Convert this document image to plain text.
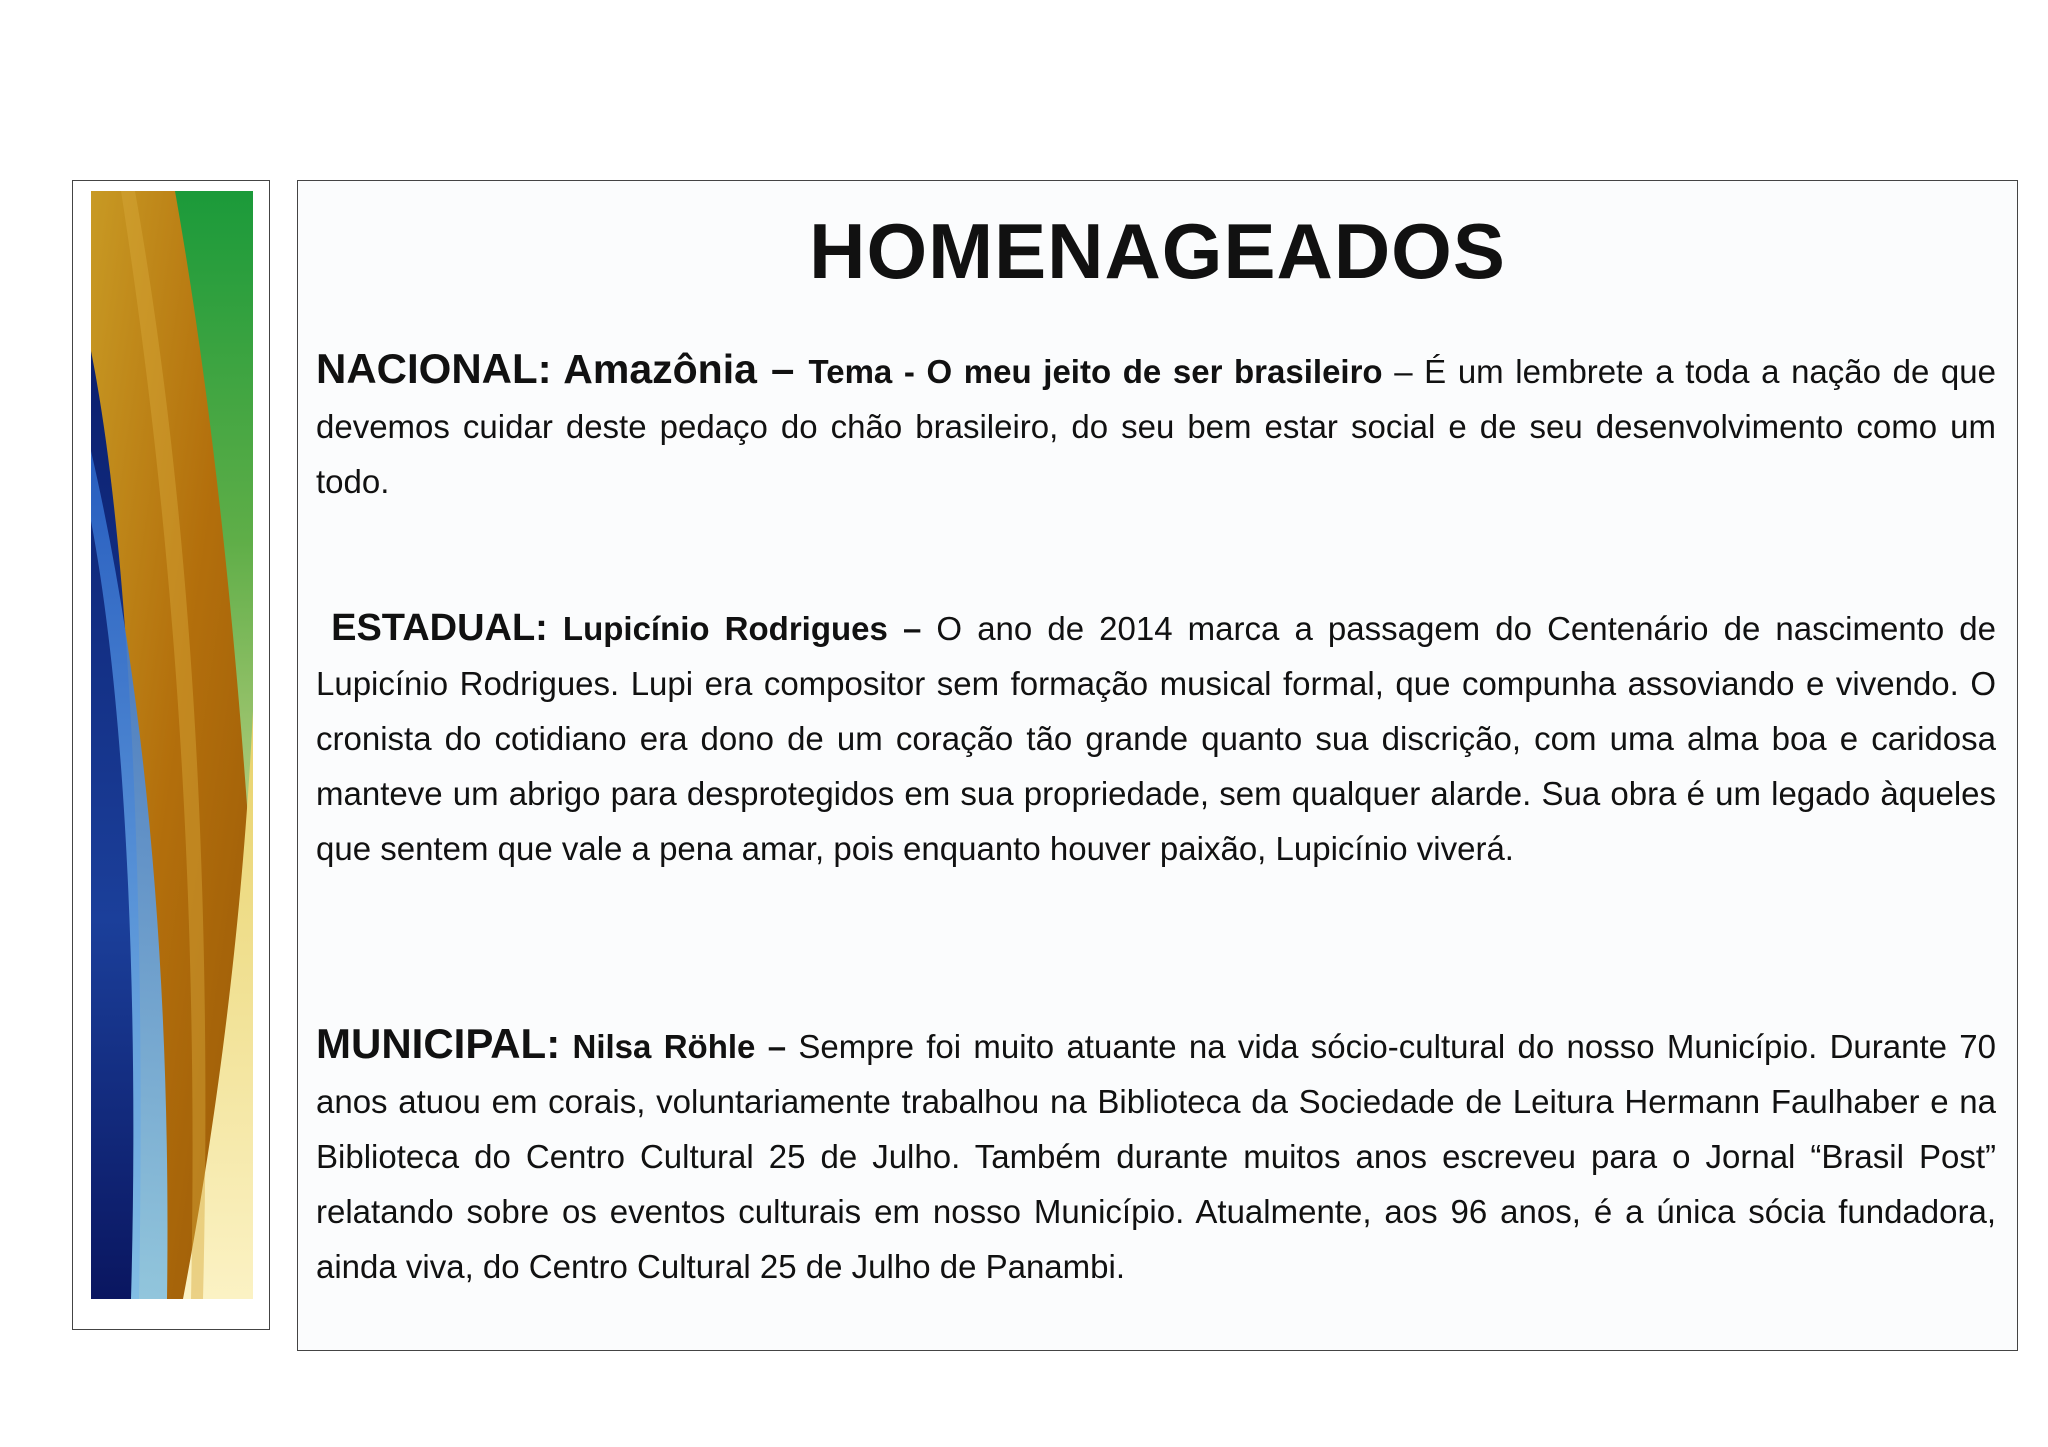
HOMENAGEADOS

NACIONAL: Amazônia – Tema - O meu jeito de ser brasileiro – É um lembrete a toda a nação de que devemos cuidar deste pedaço do chão brasileiro, do seu bem estar social e de seu desenvolvimento como um todo.

ESTADUAL: Lupicínio Rodrigues – O ano de 2014 marca a passagem do Centenário de nascimento de Lupicínio Rodrigues. Lupi era compositor sem formação musical formal, que compunha assoviando e vivendo. O cronista do cotidiano era dono de um coração tão grande quanto sua discrição, com uma alma boa e caridosa manteve um abrigo para desprotegidos em sua propriedade, sem qualquer alarde. Sua obra é um legado àqueles que sentem que vale a pena amar, pois enquanto houver paixão, Lupicínio viverá.

MUNICIPAL: Nilsa Röhle – Sempre foi muito atuante na vida sócio-cultural do nosso Município. Durante 70 anos atuou em corais, voluntariamente trabalhou na Biblioteca da Sociedade de Leitura Hermann Faulhaber e na Biblioteca do Centro Cultural 25 de Julho. Também durante muitos anos escreveu para o Jornal “Brasil Post” relatando sobre os eventos culturais em nosso Município. Atualmente, aos 96 anos, é a única sócia fundadora, ainda viva, do Centro Cultural 25 de Julho de Panambi.
